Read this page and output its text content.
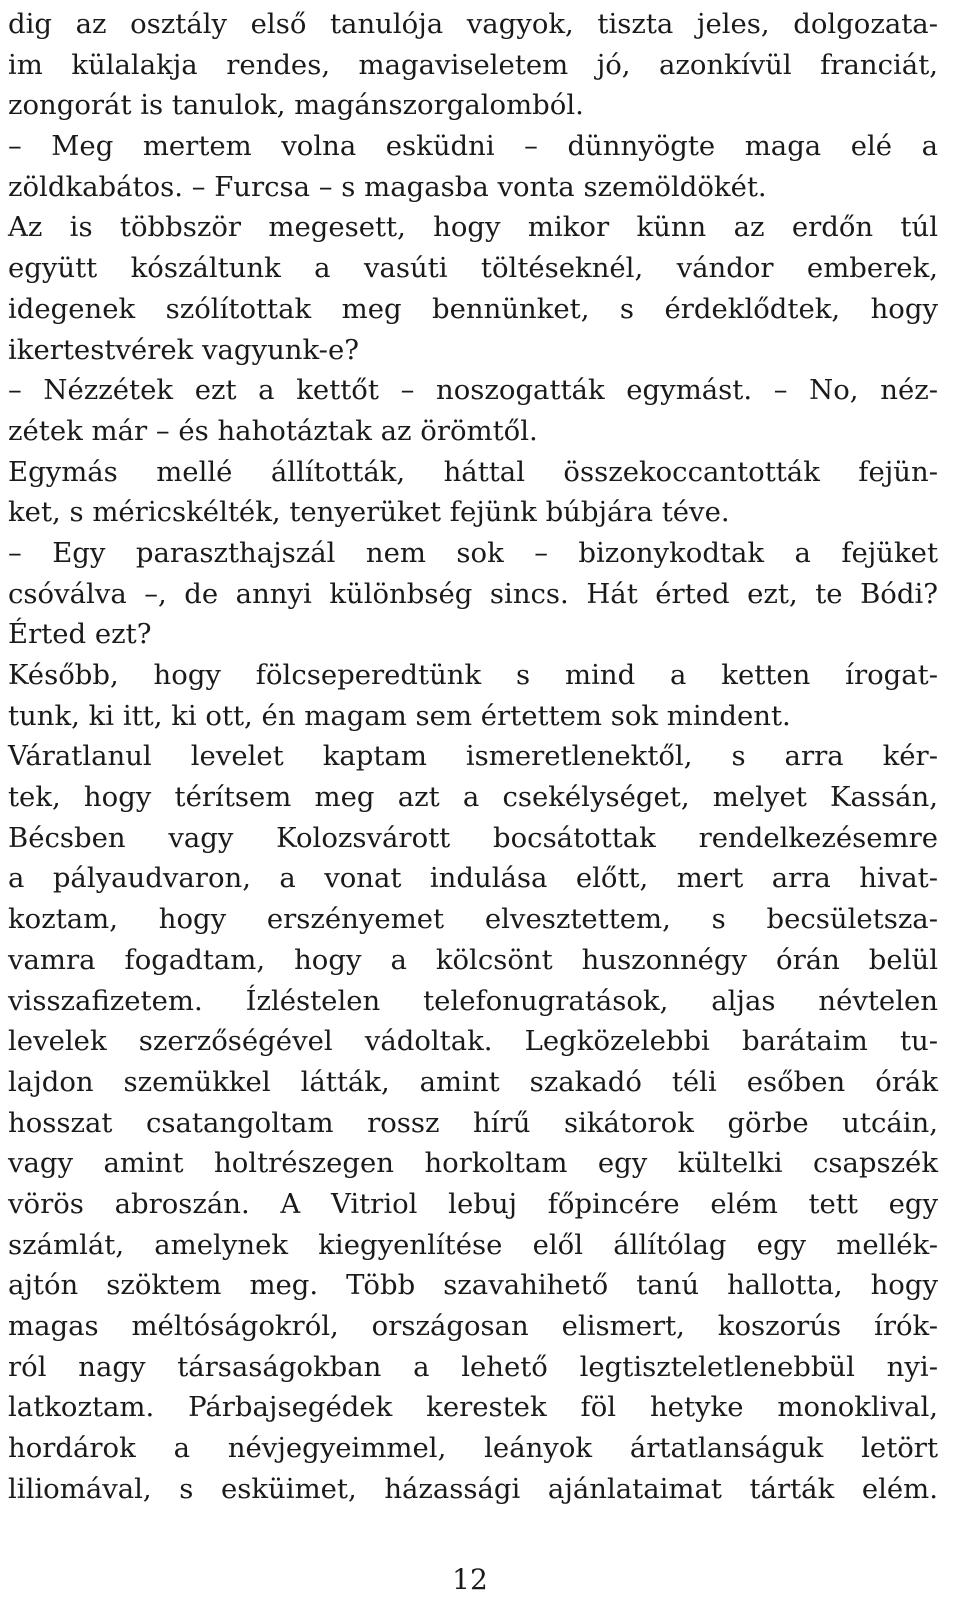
dig az osztály első tanulója vagyok, tiszta jeles, dolgozata-
im külalakja rendes, magaviseletem jó, azonkívül franciát,
zongorát is tanulok, magánszorgalomból.
– Meg mertem volna esküdni – dünnyögte maga elé a
zöldkabátos. – Furcsa – s magasba vonta szemöldökét.
Az is többször megesett, hogy mikor künn az erdőn túl
együtt kószáltunk a vasúti töltéseknél, vándor emberek,
idegenek szólítottak meg bennünket, s érdeklődtek, hogy
ikertestvérek vagyunk-e?
– Nézzétek ezt a kettőt – noszogatták egymást. – No, néz-
zétek már – és hahotáztak az örömtől.
Egymás mellé állították, háttal összekoccantották fejün-
ket, s méricskélték, tenyerüket fejünk búbjára téve.
– Egy paraszthajszál nem sok – bizonykodtak a fejüket
csóválva –, de annyi különbség sincs. Hát érted ezt, te Bódi?
Érted ezt?
Később, hogy fölcseperedtünk s mind a ketten írogat-
tunk, ki itt, ki ott, én magam sem értettem sok mindent.
Váratlanul levelet kaptam ismeretlenektől, s arra kér-
tek, hogy térítsem meg azt a csekélységet, melyet Kassán,
Bécsben vagy Kolozsvárott bocsátottak rendelkezésemre
a pályaudvaron, a vonat indulása előtt, mert arra hivat-
koztam, hogy erszényemet elvesztettem, s becsületsza-
vamra fogadtam, hogy a kölcsönt huszonnégy órán belül
visszafizetem. Ízléstelen telefonugratások, aljas névtelen
levelek szerzőségével vádoltak. Legközelebbi barátaim tu-
lajdon szemükkel látták, amint szakadó téli esőben órák
hosszat csatangoltam rossz hírű sikátorok görbe utcáin,
vagy amint holtrészegen horkoltam egy kültelki csapszék
vörös abroszán. A Vitriol lebuj főpincére elém tett egy
számlát, amelynek kiegyenlítése elől állítólag egy mellék-
ajtón szöktem meg. Több szavahihető tanú hallotta, hogy
magas méltóságokról, országosan elismert, koszorús írók-
ról nagy társaságokban a lehető legtiszteletlenebbül nyi-
latkoztam. Párbajsegédek kerestek föl hetyke monoklival,
hordárok a névjegyeimmel, leányok ártatlanságuk letört
liliomával, s esküimet, házassági ajánlataimat tárták elém.
12
